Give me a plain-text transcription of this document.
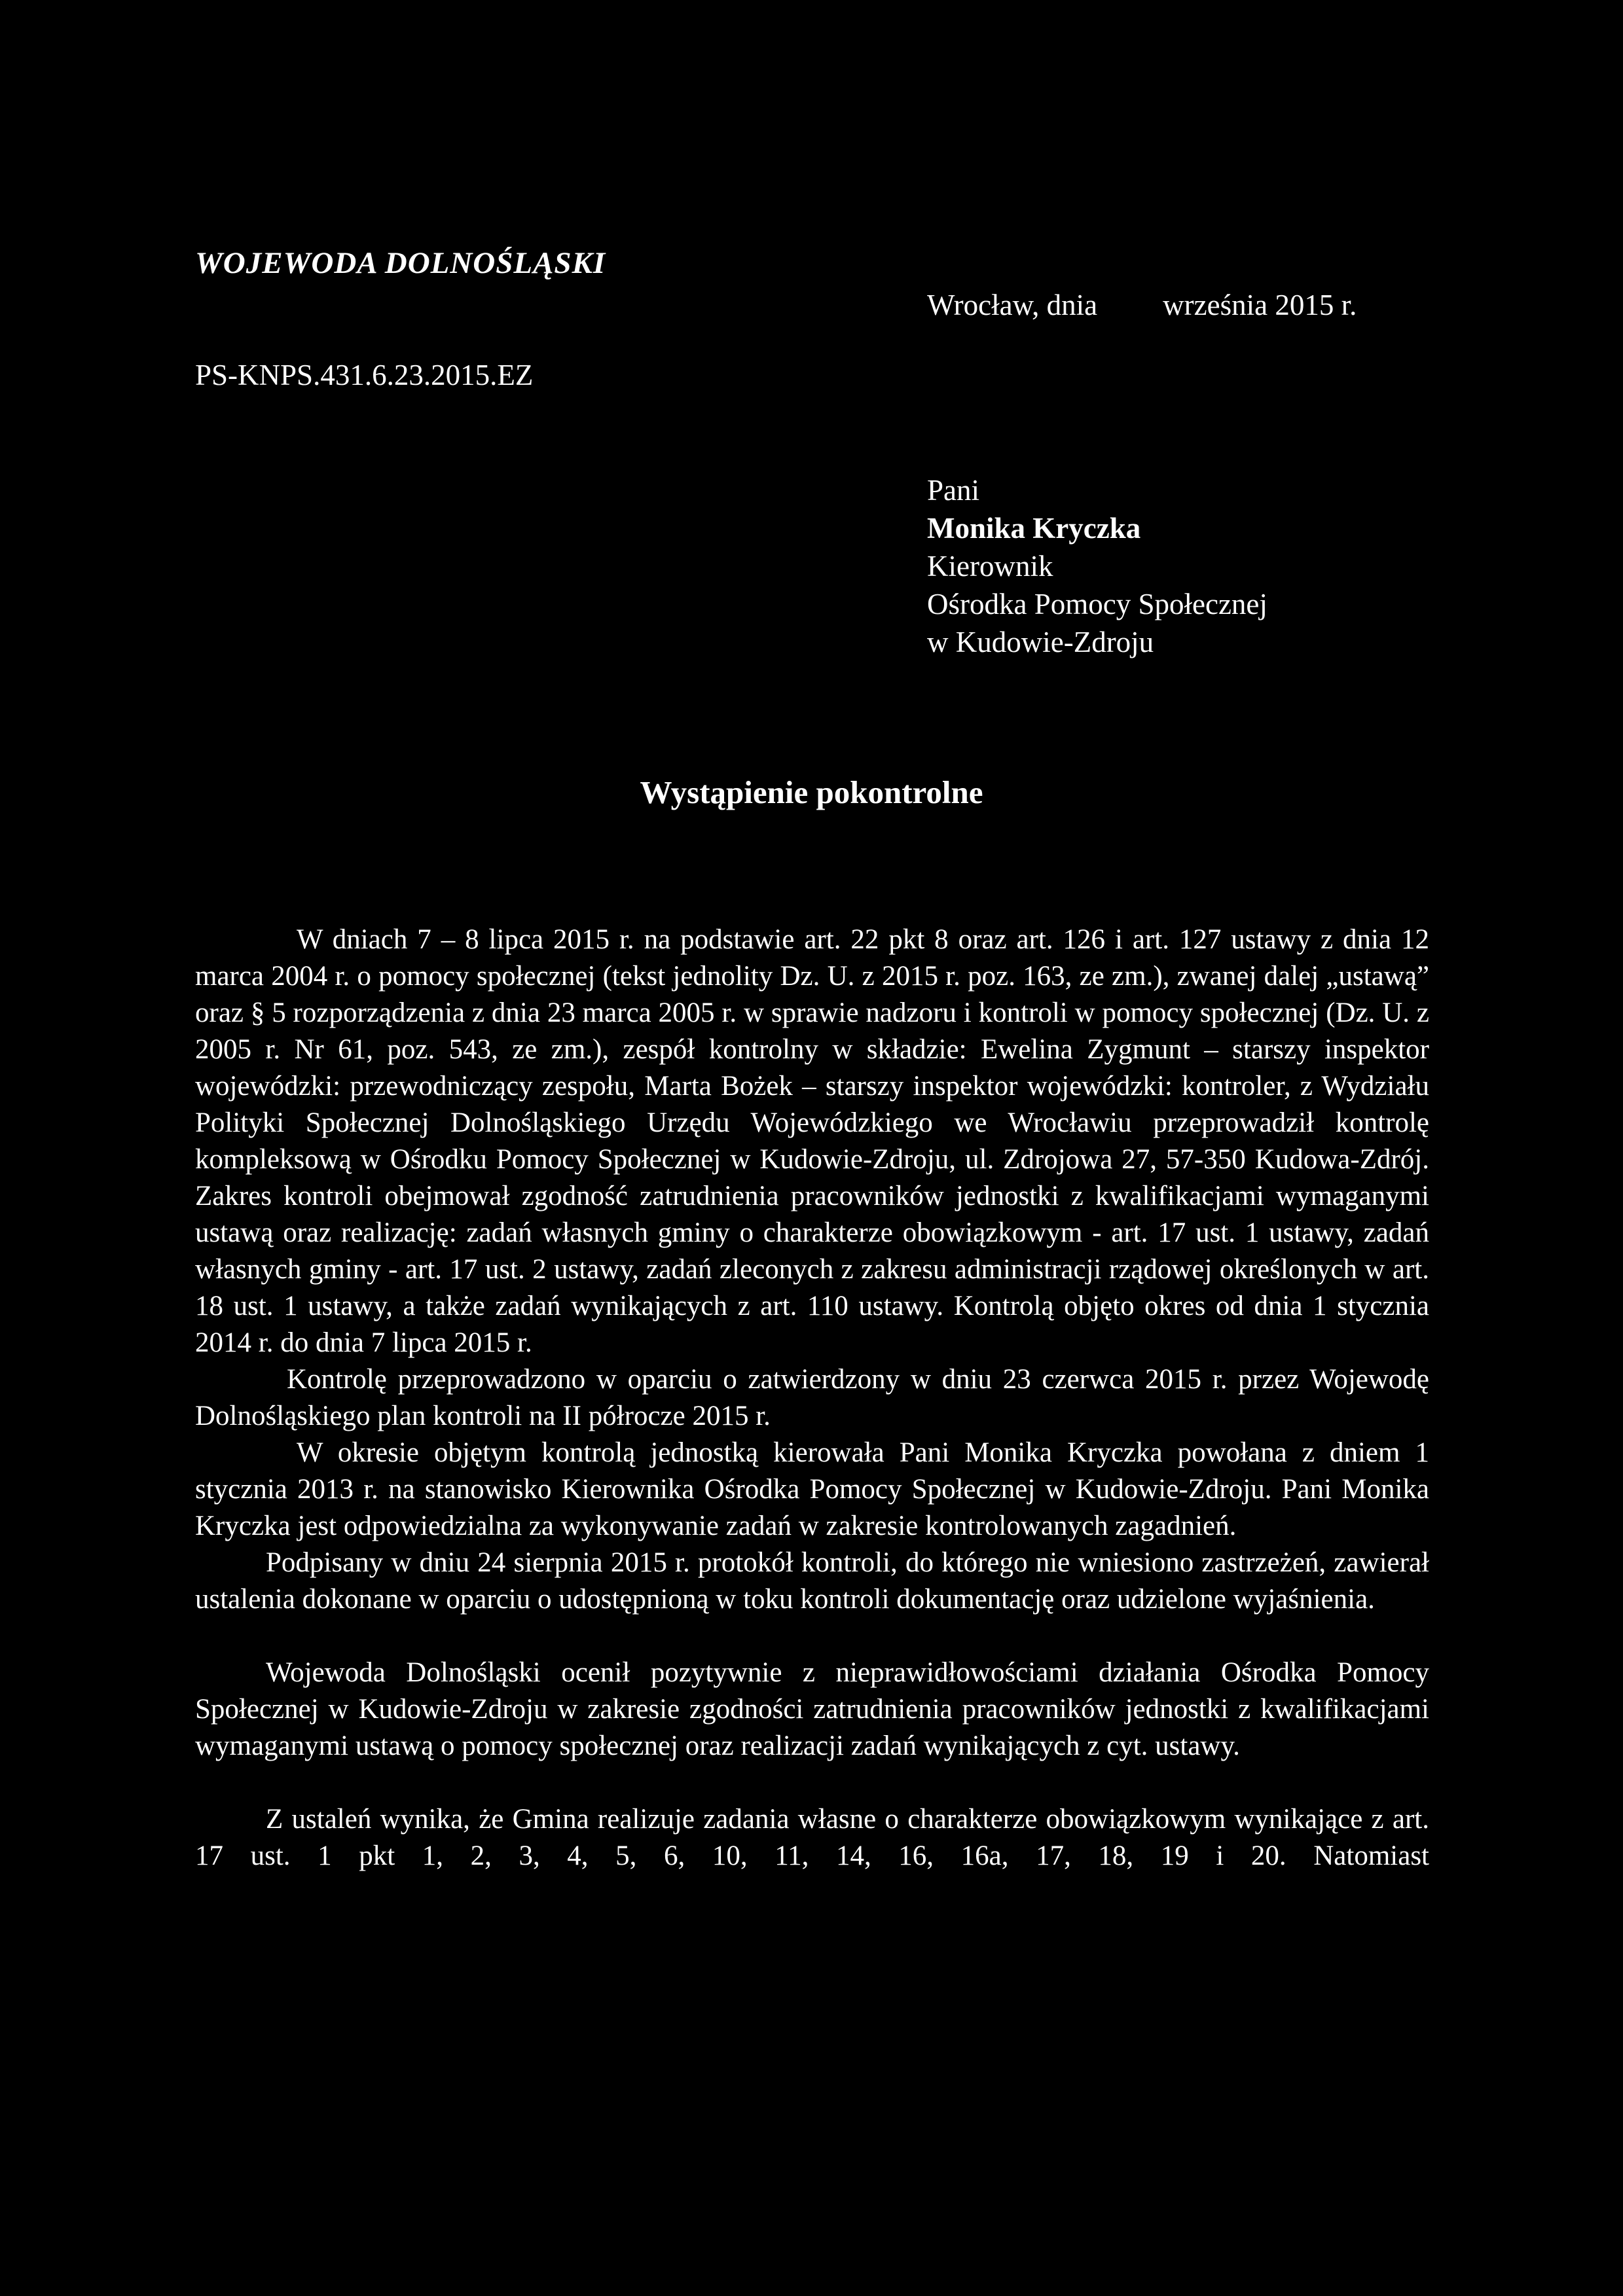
WOJEWODA DOLNOŚLĄSKI
Wrocław, dnia września 2015 r.
PS-KNPS.431.6.23.2015.EZ
Pani
Monika Kryczka
Kierownik
Ośrodka Pomocy Społecznej
w Kudowie-Zdroju
Wystąpienie pokontrolne

W dniach 7 – 8 lipca 2015 r. na podstawie art. 22 pkt 8 oraz art. 126 i art. 127 ustawy z dnia 12 marca 2004 r. o pomocy społecznej (tekst jednolity Dz. U. z 2015 r. poz. 163, ze zm.), zwanej dalej „ustawą” oraz § 5 rozporządzenia z dnia 23 marca 2005 r. w sprawie nadzoru i kontroli w pomocy społecznej (Dz. U. z 2005 r. Nr 61, poz. 543, ze zm.), zespół kontrolny w składzie: Ewelina Zygmunt – starszy inspektor wojewódzki: przewodniczący zespołu, Marta Bożek – starszy inspektor wojewódzki: kontroler, z Wydziału Polityki Społecznej Dolnośląskiego Urzędu Wojewódzkiego we Wrocławiu przeprowadził kontrolę kompleksową w Ośrodku Pomocy Społecznej w Kudowie-Zdroju, ul. Zdrojowa 27, 57-350 Kudowa-Zdrój. Zakres kontroli obejmował zgodność zatrudnienia pracowników jednostki z kwalifikacjami wymaganymi ustawą oraz realizację: zadań własnych gminy o charakterze obowiązkowym - art. 17 ust. 1 ustawy, zadań własnych gminy - art. 17 ust. 2 ustawy, zadań zleconych z zakresu administracji rządowej określonych w art. 18 ust. 1 ustawy, a także zadań wynikających z art. 110 ustawy. Kontrolą objęto okres od dnia 1 stycznia 2014 r. do dnia 7 lipca 2015 r.

Kontrolę przeprowadzono w oparciu o zatwierdzony w dniu 23 czerwca 2015 r. przez Wojewodę Dolnośląskiego plan kontroli na II półrocze 2015 r.

W okresie objętym kontrolą jednostką kierowała Pani Monika Kryczka powołana z dniem 1 stycznia 2013 r. na stanowisko Kierownika Ośrodka Pomocy Społecznej w Kudowie-Zdroju. Pani Monika Kryczka jest odpowiedzialna za wykonywanie zadań w zakresie kontrolowanych zagadnień.

Podpisany w dniu 24 sierpnia 2015 r. protokół kontroli, do którego nie wniesiono zastrzeżeń, zawierał ustalenia dokonane w oparciu o udostępnioną w toku kontroli dokumentację oraz udzielone wyjaśnienia.

Wojewoda Dolnośląski ocenił pozytywnie z nieprawidłowościami działania Ośrodka Pomocy Społecznej w Kudowie-Zdroju w zakresie zgodności zatrudnienia pracowników jednostki z kwalifikacjami wymaganymi ustawą o pomocy społecznej oraz realizacji zadań wynikających z cyt. ustawy.

Z ustaleń wynika, że Gmina realizuje zadania własne o charakterze obowiązkowym wynikające z art. 17 ust. 1 pkt 1, 2, 3, 4, 5, 6, 10, 11, 14, 16, 16a, 17, 18, 19 i 20. Natomiast
